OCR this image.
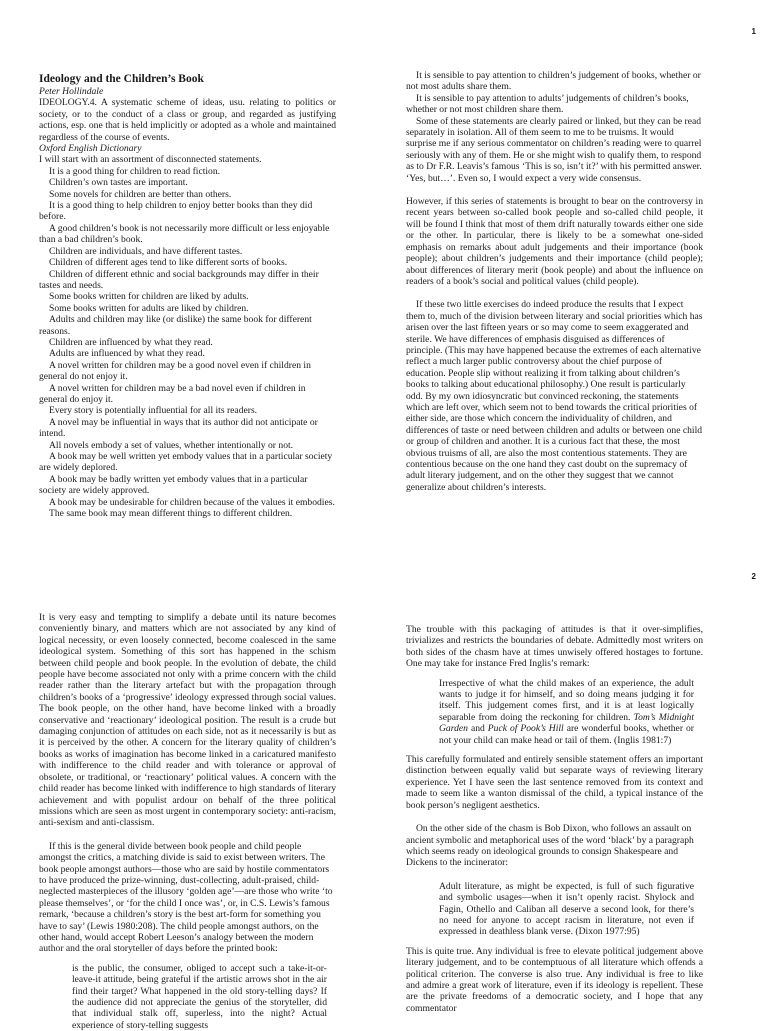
1
Ideology and the Children’s Book
Peter Hollindale

IDEOLOGY.4. A systematic scheme of ideas, usu. relating to politics or society, or to the conduct of a class or group, and regarded as justifying actions, esp. one that is held implicitly or adopted as a whole and maintained regardless of the course of events.

Oxford English Dictionary

I will start with an assortment of disconnected statements.

It is a good thing for children to read fiction.

Children’s own tastes are important.

Some novels for children are better than others.

It is a good thing to help children to enjoy better books than they did before.

A good children’s book is not necessarily more difficult or less enjoyable than a bad children’s book.

Children are individuals, and have different tastes.

Children of different ages tend to like different sorts of books.

Children of different ethnic and social backgrounds may differ in their tastes and needs.

Some books written for children are liked by adults.

Some books written for adults are liked by children.

Adults and children may like (or dislike) the same book for different reasons.

Children are influenced by what they read.

Adults are influenced by what they read.

A novel written for children may be a good novel even if children in general do not enjoy it.

A novel written for children may be a bad novel even if children in general do enjoy it.

Every story is potentially influential for all its readers.

A novel may be influential in ways that its author did not anticipate or intend.

All novels embody a set of values, whether intentionally or not.

A book may be well written yet embody values that in a particular society are widely deplored.

A book may be badly written yet embody values that in a particular society are widely approved.

A book may be undesirable for children because of the values it embodies.

The same book may mean different things to different children.

It is sensible to pay attention to children’s judgement of books, whether or not most adults share them.

It is sensible to pay attention to adults’ judgements of children’s books, whether or not most children share them.

Some of these statements are clearly paired or linked, but they can be read separately in isolation. All of them seem to me to be truisms. It would surprise me if any serious commentator on children’s reading were to quarrel seriously with any of them. He or she might wish to qualify them, to respond as to Dr F.R. Leavis’s famous ‘This is so, isn’t it?’ with his permitted answer. ‘Yes, but…’. Even so, I would expect a very wide consensus.

However, if this series of statements is brought to bear on the controversy in recent years between so-called book people and so-called child people, it will be found I think that most of them drift naturally towards either one side or the other. In particular, there is likely to be a somewhat one-sided emphasis on remarks about adult judgements and their importance (book people); about children’s judgements and their importance (child people); about differences of literary merit (book people) and about the influence on readers of a book’s social and political values (child people).

If these two little exercises do indeed produce the results that I expect them to, much of the division between literary and social priorities which has arisen over the last fifteen years or so may come to seem exaggerated and sterile. We have differences of emphasis disguised as differences of principle. (This may have happened because the extremes of each alternative reflect a much larger public controversy about the chief purpose of education. People slip without realizing it from talking about children’s books to talking about educational philosophy.) One result is particularly odd. By my own idiosyncratic but convinced reckoning, the statements which are left over, which seem not to bend towards the critical priorities of either side, are those which concern the individuality of children, and differences of taste or need between children and adults or between one child or group of children and another. It is a curious fact that these, the most obvious truisms of all, are also the most contentious statements. They are contentious because on the one hand they cast doubt on the supremacy of adult literary judgement, and on the other they suggest that we cannot generalize about children’s interests.

2

It is very easy and tempting to simplify a debate until its nature becomes conveniently binary, and matters which are not associated by any kind of logical necessity, or even loosely connected, become coalesced in the same ideological system. Something of this sort has happened in the schism between child people and book people. In the evolution of debate, the child people have become associated not only with a prime concern with the child reader rather than the literary artefact but with the propagation through children’s books of a ‘progressive’ ideology expressed through social values. The book people, on the other hand, have become linked with a broadly conservative and ‘reactionary’ ideological position. The result is a crude but damaging conjunction of attitudes on each side, not as it necessarily is but as it is perceived by the other. A concern for the literary quality of children’s books as works of imagination has become linked in a caricatured manifesto with indifference to the child reader and with tolerance or approval of obsolete, or traditional, or ‘reactionary’ political values. A concern with the child reader has become linked with indifference to high standards of literary achievement and with populist ardour on behalf of the three political missions which are seen as most urgent in contemporary society: anti-racism, anti-sexism and anti-classism.

If this is the general divide between book people and child people amongst the critics, a matching divide is said to exist between writers. The book people amongst authors—those who are said by hostile commentators to have produced the prize-winning, dust-collecting, adult-praised, child-neglected masterpieces of the illusory ‘golden age’—are those who write ‘to please themselves’, or ‘for the child I once was’, or, in C.S. Lewis’s famous remark, ‘because a children’s story is the best art-form for something you have to say’ (Lewis 1980:208). The child people amongst authors, on the other hand, would accept Robert Leeson’s analogy between the modern author and the oral storyteller of days before the printed book:

is the public, the consumer, obliged to accept such a take-it-or-leave-it attitude, being grateful if the artistic arrows shot in the air find their target? What happened in the old story-telling days? If the audience did not appreciate the genius of the storyteller, did that individual stalk off, superless, into the night? Actual experience of story-telling suggests

The trouble with this packaging of attitudes is that it over-simplifies, trivializes and restricts the boundaries of debate. Admittedly most writers on both sides of the chasm have at times unwisely offered hostages to fortune. One may take for instance Fred Inglis’s remark:

Irrespective of what the child makes of an experience, the adult wants to judge it for himself, and so doing means judging it for itself. This judgement comes first, and it is at least logically separable from doing the reckoning for children. Tom’s Midnight Garden and Puck of Pook’s Hill are wonderful books, whether or not your child can make head or tail of them. (Inglis 1981:7)

This carefully formulated and entirely sensible statement offers an important distinction between equally valid but separate ways of reviewing literary experience. Yet I have seen the last sentence removed from its context and made to seem like a wanton dismissal of the child, a typical instance of the book person’s negligent aesthetics.

On the other side of the chasm is Bob Dixon, who follows an assault on ancient symbolic and metaphorical uses of the word ‘black’ by a paragraph which seems ready on ideological grounds to consign Shakespeare and Dickens to the incinerator:

Adult literature, as might be expected, is full of such figurative and symbolic usages—when it isn’t openly racist. Shylock and Fagin, Othello and Caliban all deserve a second look, for there’s no need for anyone to accept racism in literature, not even if expressed in deathless blank verse. (Dixon 1977:95)

This is quite true. Any individual is free to elevate political judgement above literary judgement, and to be contemptuous of all literature which offends a political criterion. The converse is also true. Any individual is free to like and admire a great work of literature, even if its ideology is repellent. These are the private freedoms of a democratic society, and I hope that any commentator
